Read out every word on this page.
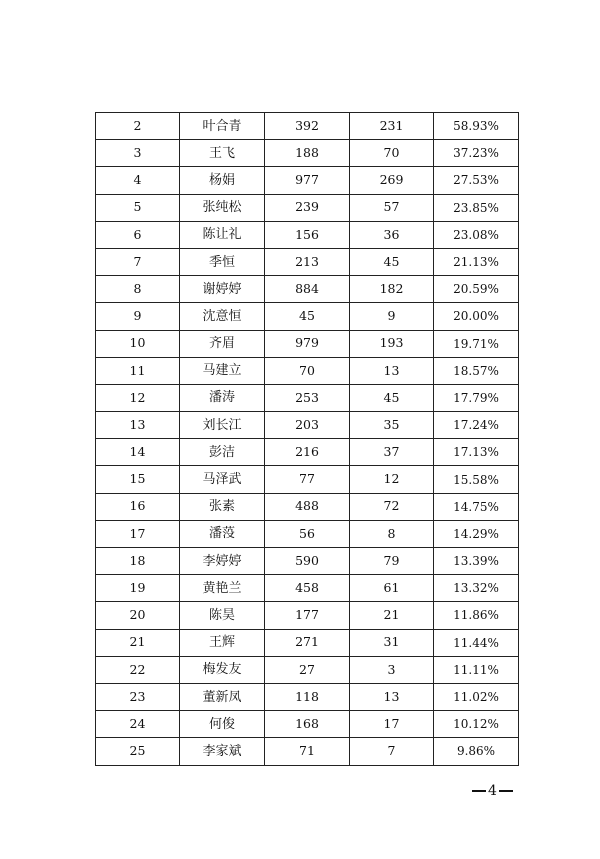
2	叶合青	392	231	58.93%
3	王飞	188	70	37.23%
4	杨娟	977	269	27.53%
5	张纯松	239	57	23.85%
6	陈让礼	156	36	23.08%
7	季恒	213	45	21.13%
8	谢婷婷	884	182	20.59%
9	沈意恒	45	9	20.00%
10	齐眉	979	193	19.71%
11	马建立	70	13	18.57%
12	潘涛	253	45	17.79%
13	刘长江	203	35	17.24%
14	彭洁	216	37	17.13%
15	马泽武	77	12	15.58%
16	张素	488	72	14.75%
17	潘莈	56	8	14.29%
18	李婷婷	590	79	13.39%
19	黄艳兰	458	61	13.32%
20	陈昊	177	21	11.86%
21	王辉	271	31	11.44%
22	梅发友	27	3	11.11%
23	董新凤	118	13	11.02%
24	何俊	168	17	10.12%
25	李家斌	71	7	9.86%
4
